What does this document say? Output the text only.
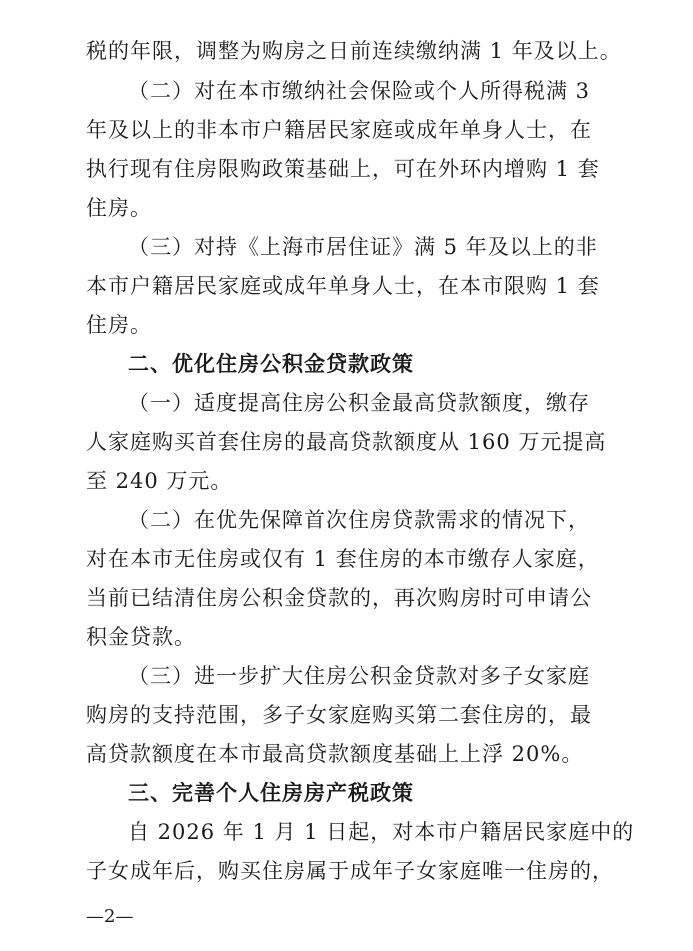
税的年限，调整为购房之日前连续缴纳满 1 年及以上。
（二）对在本市缴纳社会保险或个人所得税满 3
年及以上的非本市户籍居民家庭或成年单身人士，在
执行现有住房限购政策基础上，可在外环内增购 1 套
住房。
（三）对持《上海市居住证》满 5 年及以上的非
本市户籍居民家庭或成年单身人士，在本市限购 1 套
住房。
二、优化住房公积金贷款政策
（一）适度提高住房公积金最高贷款额度，缴存
人家庭购买首套住房的最高贷款额度从 160 万元提高
至 240 万元。
（二）在优先保障首次住房贷款需求的情况下，
对在本市无住房或仅有 1 套住房的本市缴存人家庭，
当前已结清住房公积金贷款的，再次购房时可申请公
积金贷款。
（三）进一步扩大住房公积金贷款对多子女家庭
购房的支持范围，多子女家庭购买第二套住房的，最
高贷款额度在本市最高贷款额度基础上上浮 20%。
三、完善个人住房房产税政策
自 2026 年 1 月 1 日起，对本市户籍居民家庭中的
子女成年后，购买住房属于成年子女家庭唯一住房的，
—2—
